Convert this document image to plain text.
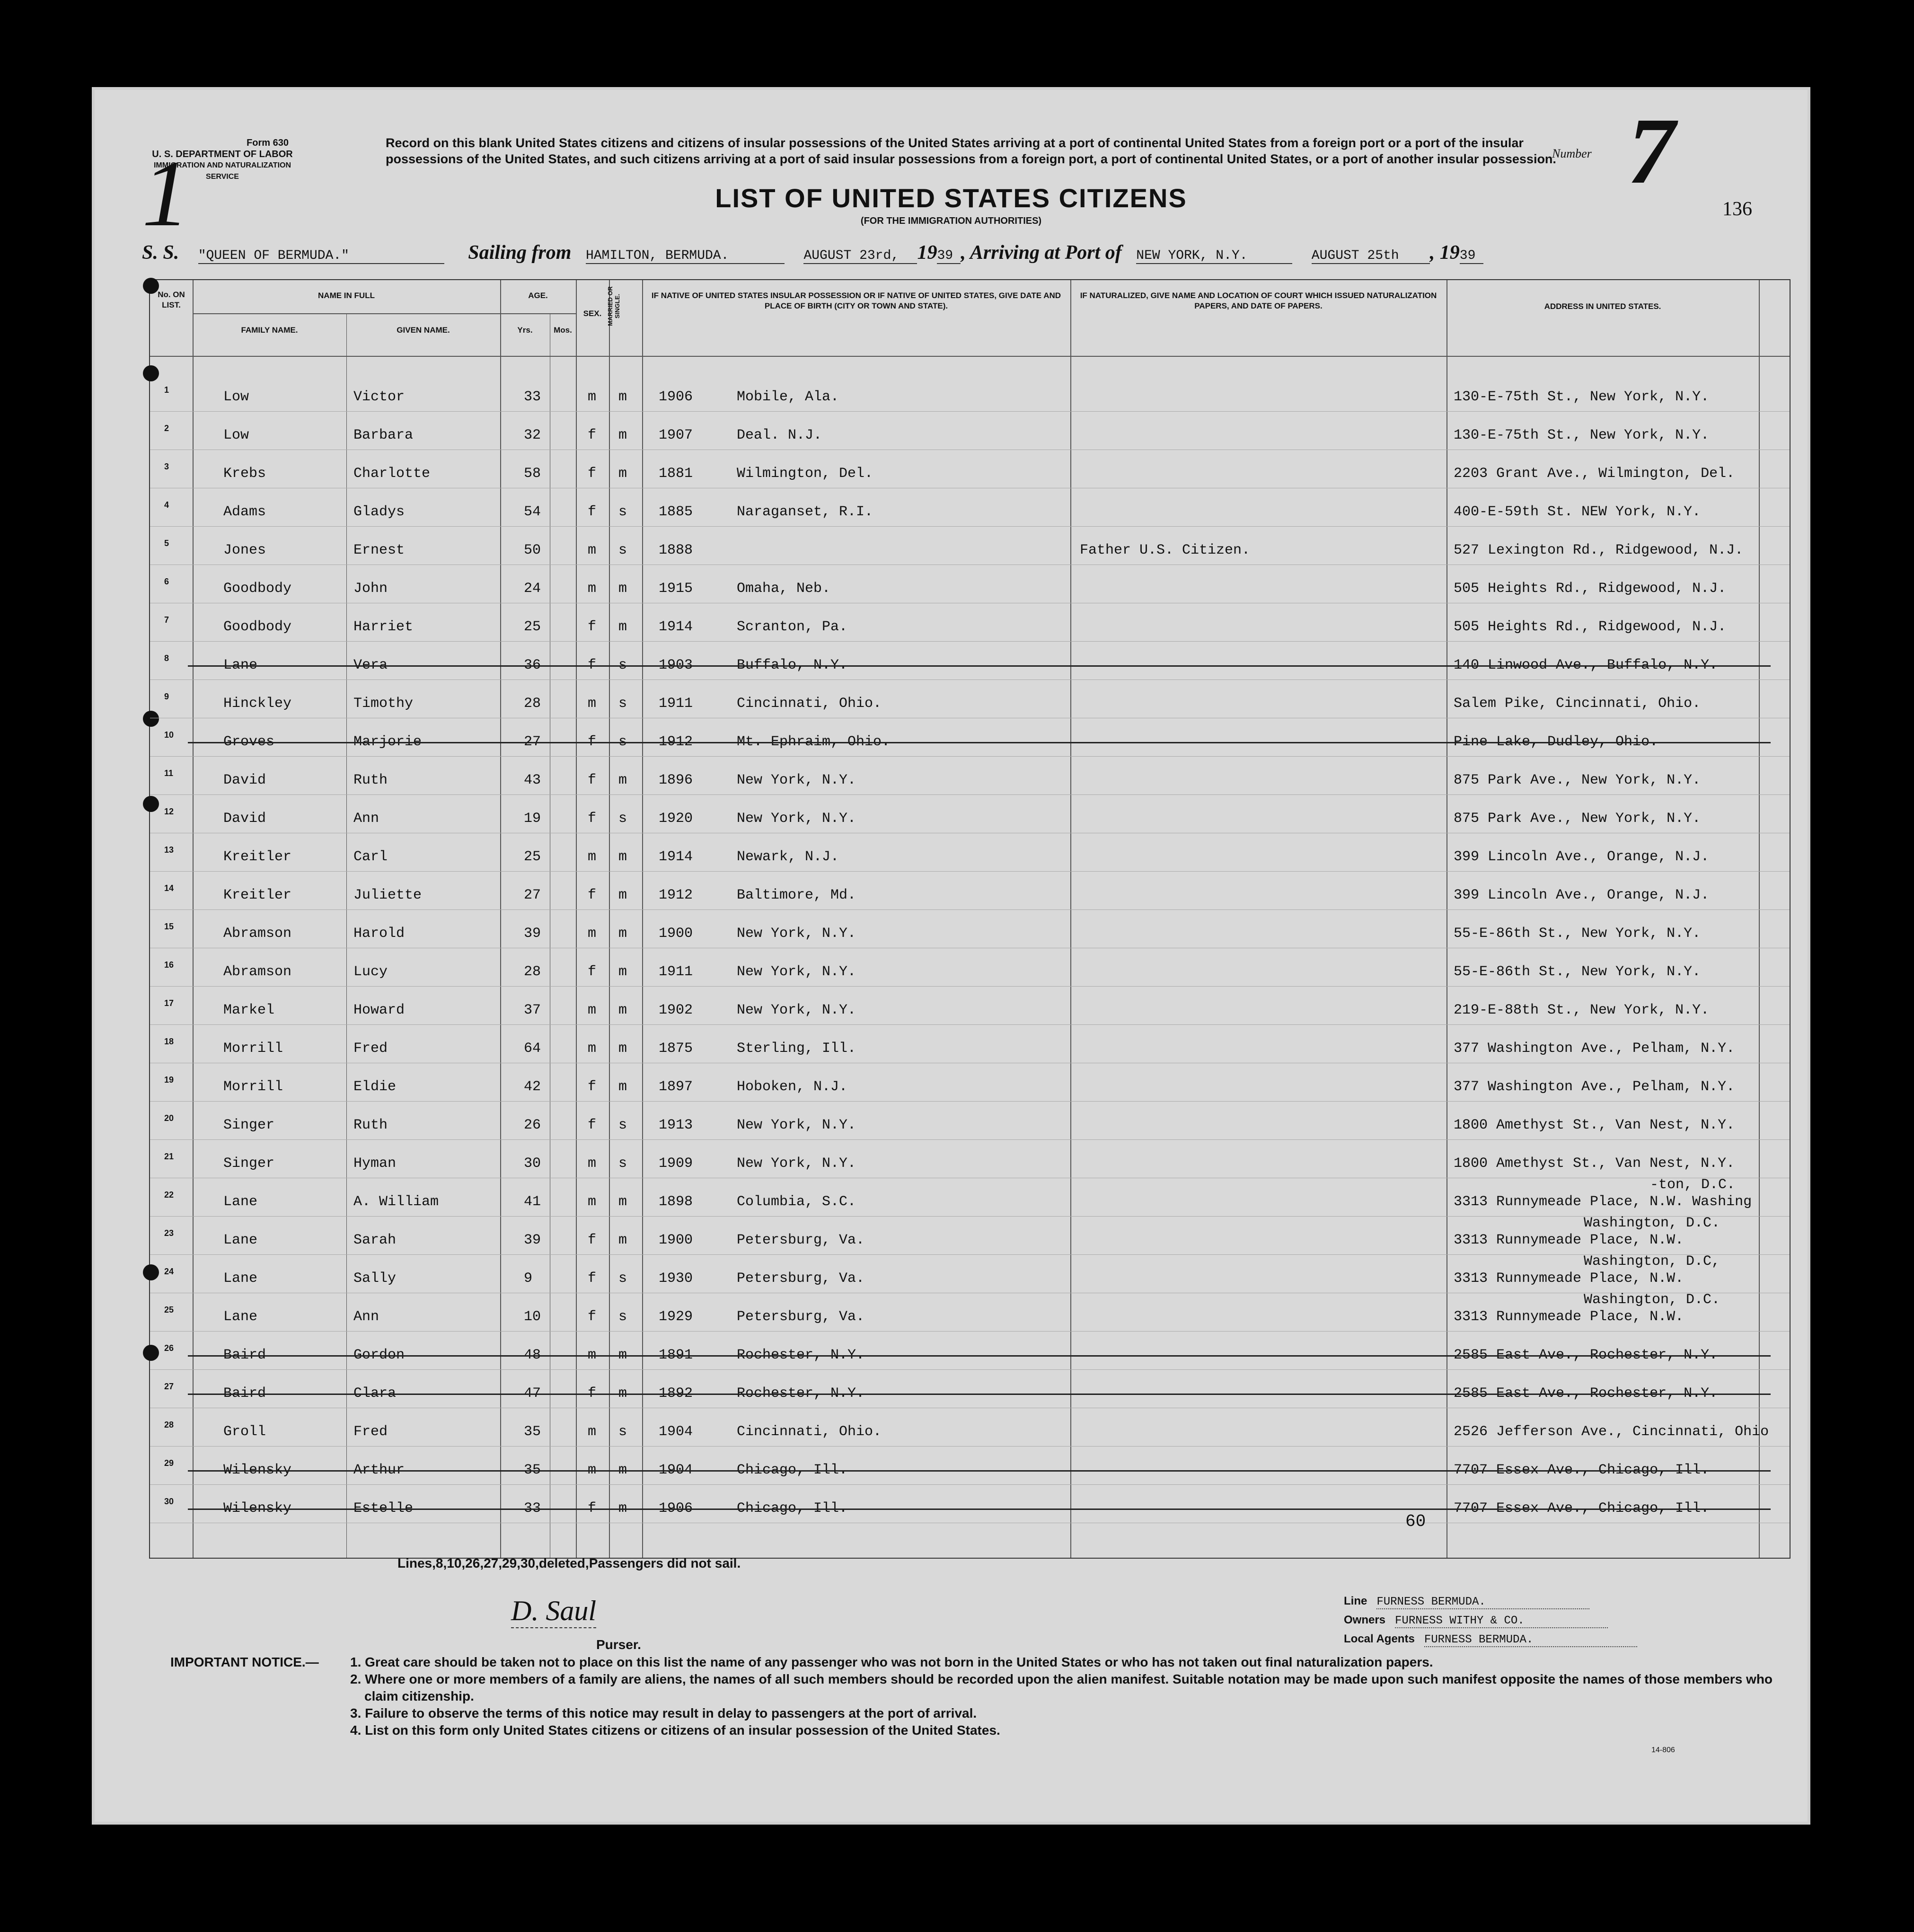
Form 630
U. S. DEPARTMENT OF LABOR
IMMIGRATION AND NATURALIZATION SERVICE
1	Record on this blank United States citizens and citizens of insular possessions of the United States arriving at a port of continental United States from a foreign port or a port of the insular possessions of the United States, and such citizens arriving at a port of said insular possessions from a foreign port, a port of continental United States, or a port of another insular possession.
Number 7
136
LIST OF UNITED STATES CITIZENS
(FOR THE IMMIGRATION AUTHORITIES)
S. S. "QUEEN OF BERMUDA."	Sailing from HAMILTON, BERMUDA.	AUGUST 23rd, 1939 , Arriving at Port of NEW YORK, N.Y.	AUGUST 25th , 1939
No. ON LIST.
NAME IN FULL
FAMILY NAME.	GIVEN NAME.
AGE.
Yrs.	Mos.
SEX. MARRIED OR SINGLE.	IF NATIVE OF UNITED STATES INSULAR POSSESSION OR IF NATIVE OF UNITED STATES, GIVE DATE AND PLACE OF BIRTH (CITY OR TOWN AND STATE).
IF NATURALIZED, GIVE NAME AND LOCATION OF COURT WHICH ISSUED NATURALIZATION PAPERS, AND DATE OF PAPERS.	ADDRESS IN UNITED STATES.
1	Low	Victor	33	m m 1906	Mobile, Ala.	130-E-75th St., New York, N.Y.
2	Low	Barbara	32	f m 1907	Deal. N.J.	130-E-75th St., New York, N.Y.
3	Krebs	Charlotte	58	f m 1881	Wilmington, Del.	2203 Grant Ave., Wilmington, Del.
4	Adams	Gladys	54	f s 1885	Naraganset, R.I.	400-E-59th St. NEW York, N.Y.
5	Jones	Ernest	50	m s 1888	Father U.S. Citizen.	527 Lexington Rd., Ridgewood, N.J.
6	Goodbody	John	24	m m 1915	Omaha, Neb.	505 Heights Rd., Ridgewood, N.J.
7	Goodbody	Harriet	25	f m 1914	Scranton, Pa.	505 Heights Rd., Ridgewood, N.J.
8	Lane	Vera	36	f s 1903	Buffalo, N.Y.	140 Linwood Ave., Buffalo, N.Y.
9	Hinckley	Timothy	28	m s 1911	Cincinnati, Ohio.	Salem Pike, Cincinnati, Ohio.
10	Groves	Marjorie	27	f s 1912	Mt. Ephraim, Ohio.	Pine Lake, Dudley, Ohio.
11	David	Ruth	43	f m 1896	New York, N.Y.	875 Park Ave., New York, N.Y.
12	David	Ann	19	f s 1920	New York, N.Y.	875 Park Ave., New York, N.Y.
13	Kreitler	Carl	25	m m 1914	Newark, N.J.	399 Lincoln Ave., Orange, N.J.
14	Kreitler	Juliette	27	f m 1912	Baltimore, Md.	399 Lincoln Ave., Orange, N.J.
15	Abramson	Harold	39	m m 1900	New York, N.Y.	55-E-86th St., New York, N.Y.
16	Abramson	Lucy	28	f m 1911	New York, N.Y.	55-E-86th St., New York, N.Y.
17	Markel	Howard	37	m m 1902	New York, N.Y.	219-E-88th St., New York, N.Y.
18	Morrill	Fred	64	m m 1875	Sterling, Ill.	377 Washington Ave., Pelham, N.Y.
19	Morrill	Eldie	42	f m 1897	Hoboken, N.J.	377 Washington Ave., Pelham, N.Y.
20	Singer	Ruth	26	f s 1913	New York, N.Y.	1800 Amethyst St., Van Nest, N.Y.
21	Singer	Hyman	30	m s 1909	New York, N.Y.	1800 Amethyst St., Van Nest, N.Y.
22	Lane	A. William	41	m m 1898	Columbia, S.C.	3313 Runnymeade Place, N.W. Washing
-ton, D.C.
23	Lane	Sarah	39	f m 1900	Petersburg, Va.	3313 Runnymeade Place, N.W.
Washington, D.C.
24	Lane	Sally	9	f s 1930	Petersburg, Va.	3313 Runnymeade Place, N.W.
Washington, D.C,
25	Lane	Ann	10	f s 1929	Petersburg, Va.	3313 Runnymeade Place, N.W.
Washington, D.C.
26	Baird	Gordon	48	m m 1891	Rochester, N.Y.	2585 East Ave., Rochester, N.Y.
27	Baird	Clara	47	f m 1892	Rochester, N.Y.	2585 East Ave., Rochester, N.Y.
28	Groll	Fred	35	m s 1904	Cincinnati, Ohio.	2526 Jefferson Ave., Cincinnati, Ohio
29	Wilensky	Arthur	35	m m 1904	Chicago, Ill.	7707 Essex Ave., Chicago, Ill.
30	Wilensky	Estelle	33	f m 1906	Chicago, Ill.	7707 Essex Ave., Chicago, Ill.
60
Lines,8,10,26,27,29,30,deleted,Passengers did not sail.
D. Saul
Purser.
Line FURNESS BERMUDA.
Owners FURNESS WITHY & CO.
Local Agents FURNESS BERMUDA.
IMPORTANT NOTICE.—	1. Great care should be taken not to place on this list the name of any passenger who was not born in the United States or who has not taken out final naturalization papers.
2. Where one or more members of a family are aliens, the names of all such members should be recorded upon the alien manifest. Suitable notation may be made upon such manifest opposite the names of those members who claim citizenship.
3. Failure to observe the terms of this notice may result in delay to passengers at the port of arrival.
4. List on this form only United States citizens or citizens of an insular possession of the United States.
14-806
